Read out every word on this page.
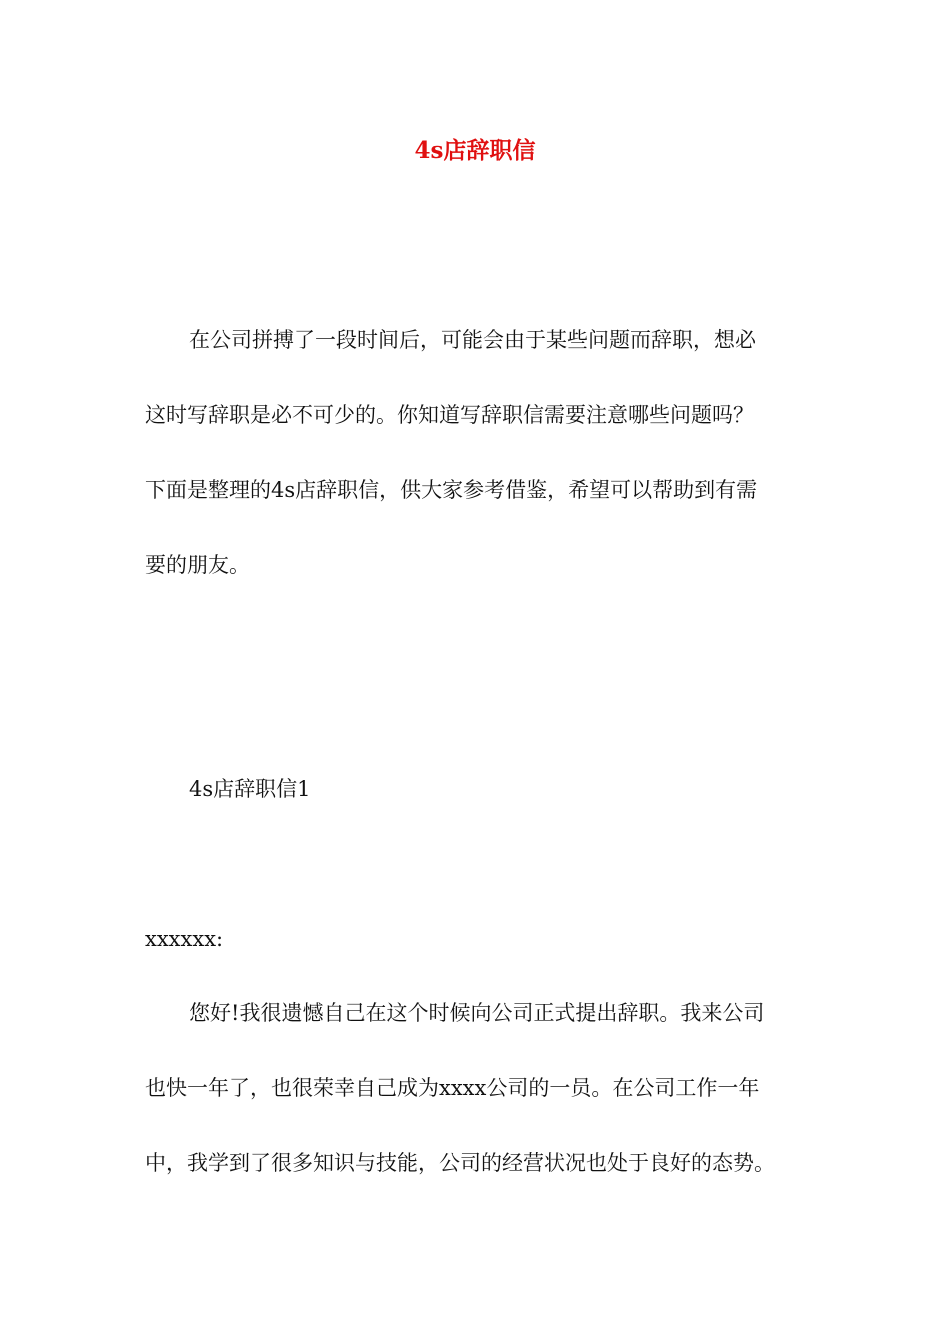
4s店辞职信
在公司拼搏了一段时间后，可能会由于某些问题而辞职，想必
这时写辞职是必不可少的。你知道写辞职信需要注意哪些问题吗？
下面是整理的4s店辞职信，供大家参考借鉴，希望可以帮助到有需
要的朋友。
4s店辞职信1
xxxxxx:
您好!我很遗憾自己在这个时候向公司正式提出辞职。我来公司
也快一年了，也很荣幸自己成为xxxx公司的一员。在公司工作一年
中，我学到了很多知识与技能，公司的经营状况也处于良好的态势。
